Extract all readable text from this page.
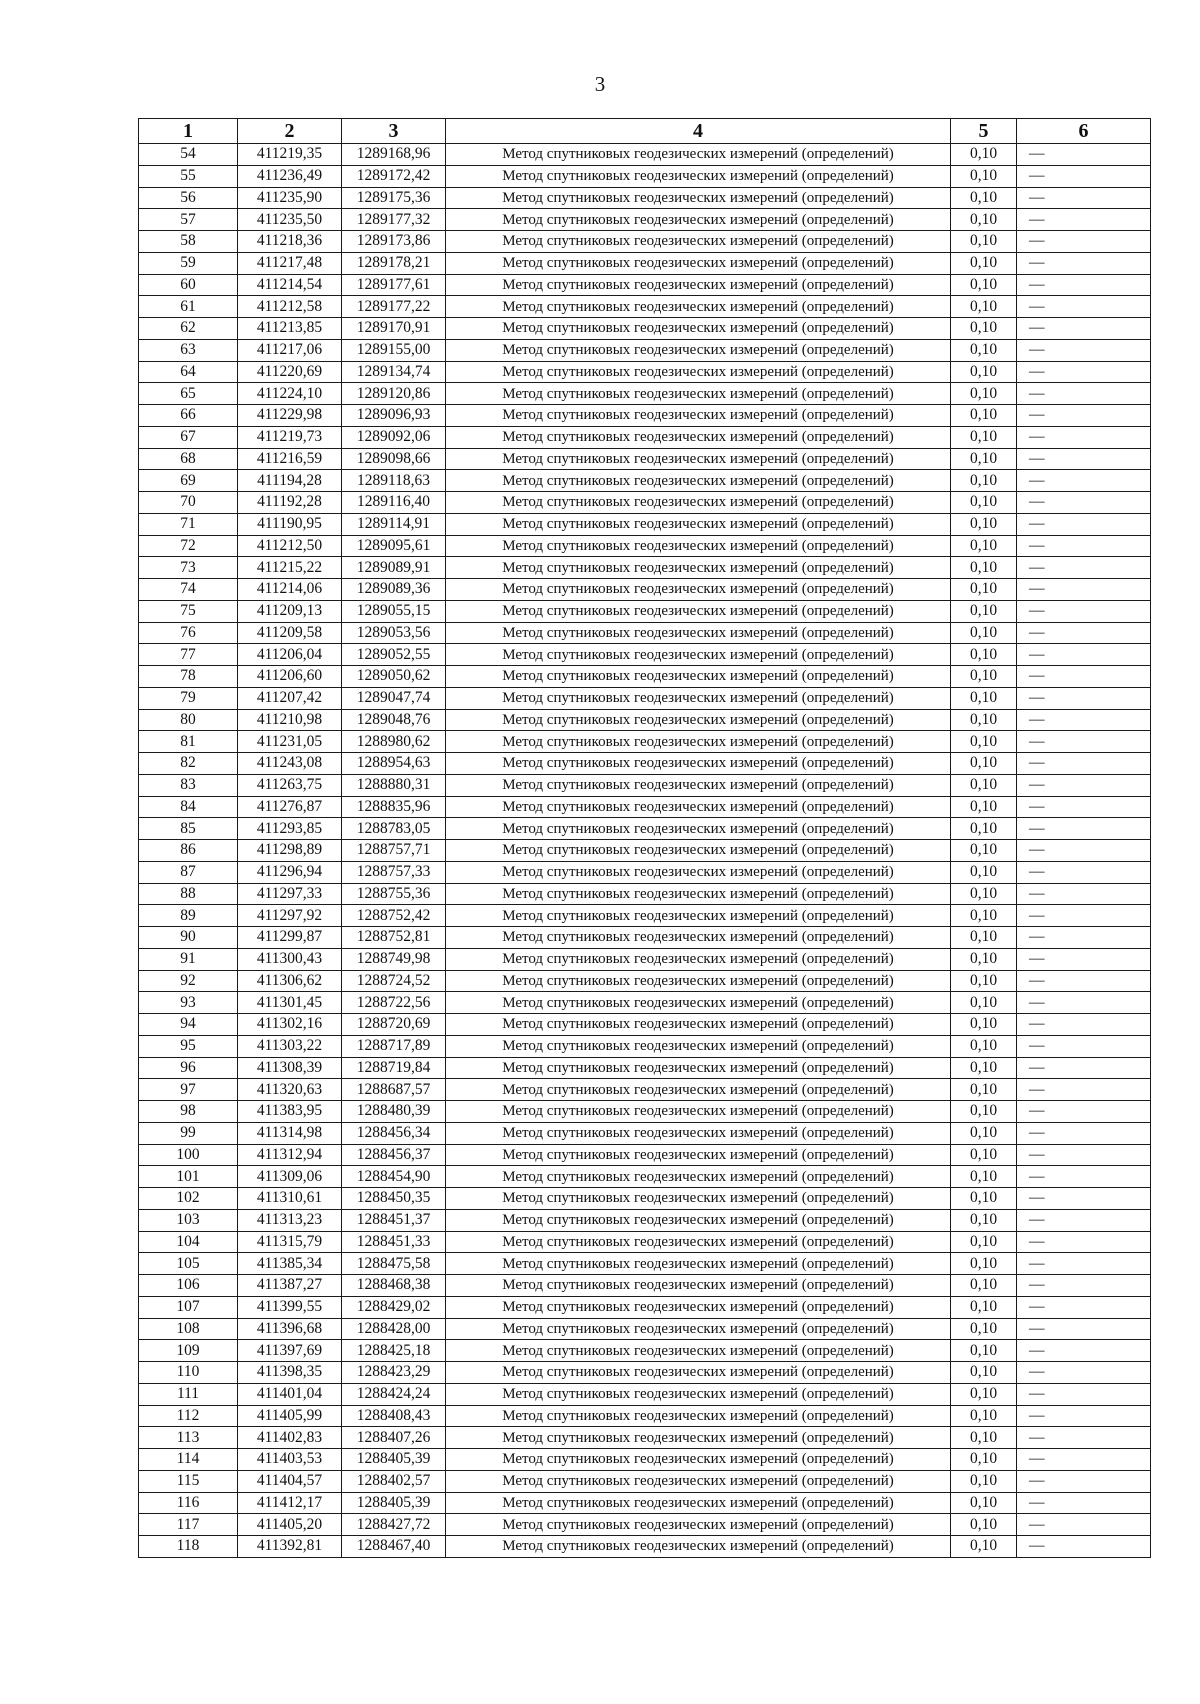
3
1	2	3	4	5	6
54	411219,35	1289168,96	Метод спутниковых геодезических измерений (определений)	0,10	—
55	411236,49	1289172,42	Метод спутниковых геодезических измерений (определений)	0,10	—
56	411235,90	1289175,36	Метод спутниковых геодезических измерений (определений)	0,10	—
57	411235,50	1289177,32	Метод спутниковых геодезических измерений (определений)	0,10	—
58	411218,36	1289173,86	Метод спутниковых геодезических измерений (определений)	0,10	—
59	411217,48	1289178,21	Метод спутниковых геодезических измерений (определений)	0,10	—
60	411214,54	1289177,61	Метод спутниковых геодезических измерений (определений)	0,10	—
61	411212,58	1289177,22	Метод спутниковых геодезических измерений (определений)	0,10	—
62	411213,85	1289170,91	Метод спутниковых геодезических измерений (определений)	0,10	—
63	411217,06	1289155,00	Метод спутниковых геодезических измерений (определений)	0,10	—
64	411220,69	1289134,74	Метод спутниковых геодезических измерений (определений)	0,10	—
65	411224,10	1289120,86	Метод спутниковых геодезических измерений (определений)	0,10	—
66	411229,98	1289096,93	Метод спутниковых геодезических измерений (определений)	0,10	—
67	411219,73	1289092,06	Метод спутниковых геодезических измерений (определений)	0,10	—
68	411216,59	1289098,66	Метод спутниковых геодезических измерений (определений)	0,10	—
69	411194,28	1289118,63	Метод спутниковых геодезических измерений (определений)	0,10	—
70	411192,28	1289116,40	Метод спутниковых геодезических измерений (определений)	0,10	—
71	411190,95	1289114,91	Метод спутниковых геодезических измерений (определений)	0,10	—
72	411212,50	1289095,61	Метод спутниковых геодезических измерений (определений)	0,10	—
73	411215,22	1289089,91	Метод спутниковых геодезических измерений (определений)	0,10	—
74	411214,06	1289089,36	Метод спутниковых геодезических измерений (определений)	0,10	—
75	411209,13	1289055,15	Метод спутниковых геодезических измерений (определений)	0,10	—
76	411209,58	1289053,56	Метод спутниковых геодезических измерений (определений)	0,10	—
77	411206,04	1289052,55	Метод спутниковых геодезических измерений (определений)	0,10	—
78	411206,60	1289050,62	Метод спутниковых геодезических измерений (определений)	0,10	—
79	411207,42	1289047,74	Метод спутниковых геодезических измерений (определений)	0,10	—
80	411210,98	1289048,76	Метод спутниковых геодезических измерений (определений)	0,10	—
81	411231,05	1288980,62	Метод спутниковых геодезических измерений (определений)	0,10	—
82	411243,08	1288954,63	Метод спутниковых геодезических измерений (определений)	0,10	—
83	411263,75	1288880,31	Метод спутниковых геодезических измерений (определений)	0,10	—
84	411276,87	1288835,96	Метод спутниковых геодезических измерений (определений)	0,10	—
85	411293,85	1288783,05	Метод спутниковых геодезических измерений (определений)	0,10	—
86	411298,89	1288757,71	Метод спутниковых геодезических измерений (определений)	0,10	—
87	411296,94	1288757,33	Метод спутниковых геодезических измерений (определений)	0,10	—
88	411297,33	1288755,36	Метод спутниковых геодезических измерений (определений)	0,10	—
89	411297,92	1288752,42	Метод спутниковых геодезических измерений (определений)	0,10	—
90	411299,87	1288752,81	Метод спутниковых геодезических измерений (определений)	0,10	—
91	411300,43	1288749,98	Метод спутниковых геодезических измерений (определений)	0,10	—
92	411306,62	1288724,52	Метод спутниковых геодезических измерений (определений)	0,10	—
93	411301,45	1288722,56	Метод спутниковых геодезических измерений (определений)	0,10	—
94	411302,16	1288720,69	Метод спутниковых геодезических измерений (определений)	0,10	—
95	411303,22	1288717,89	Метод спутниковых геодезических измерений (определений)	0,10	—
96	411308,39	1288719,84	Метод спутниковых геодезических измерений (определений)	0,10	—
97	411320,63	1288687,57	Метод спутниковых геодезических измерений (определений)	0,10	—
98	411383,95	1288480,39	Метод спутниковых геодезических измерений (определений)	0,10	—
99	411314,98	1288456,34	Метод спутниковых геодезических измерений (определений)	0,10	—
100	411312,94	1288456,37	Метод спутниковых геодезических измерений (определений)	0,10	—
101	411309,06	1288454,90	Метод спутниковых геодезических измерений (определений)	0,10	—
102	411310,61	1288450,35	Метод спутниковых геодезических измерений (определений)	0,10	—
103	411313,23	1288451,37	Метод спутниковых геодезических измерений (определений)	0,10	—
104	411315,79	1288451,33	Метод спутниковых геодезических измерений (определений)	0,10	—
105	411385,34	1288475,58	Метод спутниковых геодезических измерений (определений)	0,10	—
106	411387,27	1288468,38	Метод спутниковых геодезических измерений (определений)	0,10	—
107	411399,55	1288429,02	Метод спутниковых геодезических измерений (определений)	0,10	—
108	411396,68	1288428,00	Метод спутниковых геодезических измерений (определений)	0,10	—
109	411397,69	1288425,18	Метод спутниковых геодезических измерений (определений)	0,10	—
110	411398,35	1288423,29	Метод спутниковых геодезических измерений (определений)	0,10	—
111	411401,04	1288424,24	Метод спутниковых геодезических измерений (определений)	0,10	—
112	411405,99	1288408,43	Метод спутниковых геодезических измерений (определений)	0,10	—
113	411402,83	1288407,26	Метод спутниковых геодезических измерений (определений)	0,10	—
114	411403,53	1288405,39	Метод спутниковых геодезических измерений (определений)	0,10	—
115	411404,57	1288402,57	Метод спутниковых геодезических измерений (определений)	0,10	—
116	411412,17	1288405,39	Метод спутниковых геодезических измерений (определений)	0,10	—
117	411405,20	1288427,72	Метод спутниковых геодезических измерений (определений)	0,10	—
118	411392,81	1288467,40	Метод спутниковых геодезических измерений (определений)	0,10	—
